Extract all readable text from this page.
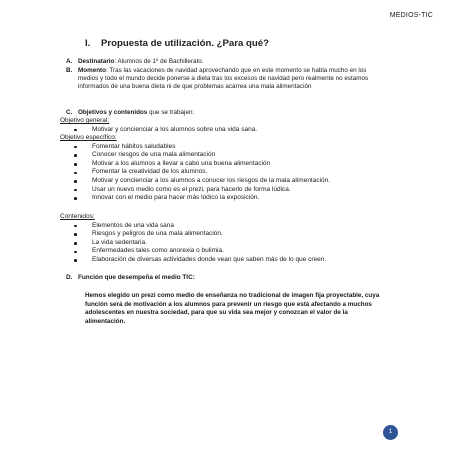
MEDIOS-TIC
I. Propuesta de utilización. ¿Para qué?
A. Destinatario: Alumnos de 1º de Bachillerato.
B. Momento: Tras las vacaciones de navidad aprovechando que en este momento se habla mucho en los medios y todo el mundo decide ponerse a dieta tras los excesos de navidad pero realmente no estamos informados de una buena dieta ni de que problemas acarrea una mala alimentación
C. Objetivos y contenidos que se trabajen:
Objetivo general:
Motivar y concienciar a los alumnos sobre una vida sana.
Objetivo específico:
Fomentar hábitos saludables
Conocer riesgos de una mala alimentación
Motivar a los alumnos a llevar a cabo una buena alimentación
Fomentar la creatividad de los alumnos.
Motivar y concienciar a los alumnos a conocer los riesgos de la mala alimentación.
Usar un nuevo medio como es el prezi, para hacerlo de forma lúdica.
Innovar con el medio para hacer más lúdico la exposición.
Contenidos:
Elementos de una vida sana
Riesgos y peligros de una mala alimentación.
La vida sedentaria.
Enfermedades tales como anorexia o bulimia.
Elaboración de diversas actividades donde vean que saben más de lo que creen.
D. Función que desempeña el medio TIC:
Hemos elegido un prezi como medio de enseñanza no tradicional de imagen fija proyectable, cuya función será de motivación a los alumnos para prevenir un riesgo que está afectando a muchos adolescentes en nuestra sociedad, para que su vida sea mejor y conozcan el valor de la alimentación.
1
